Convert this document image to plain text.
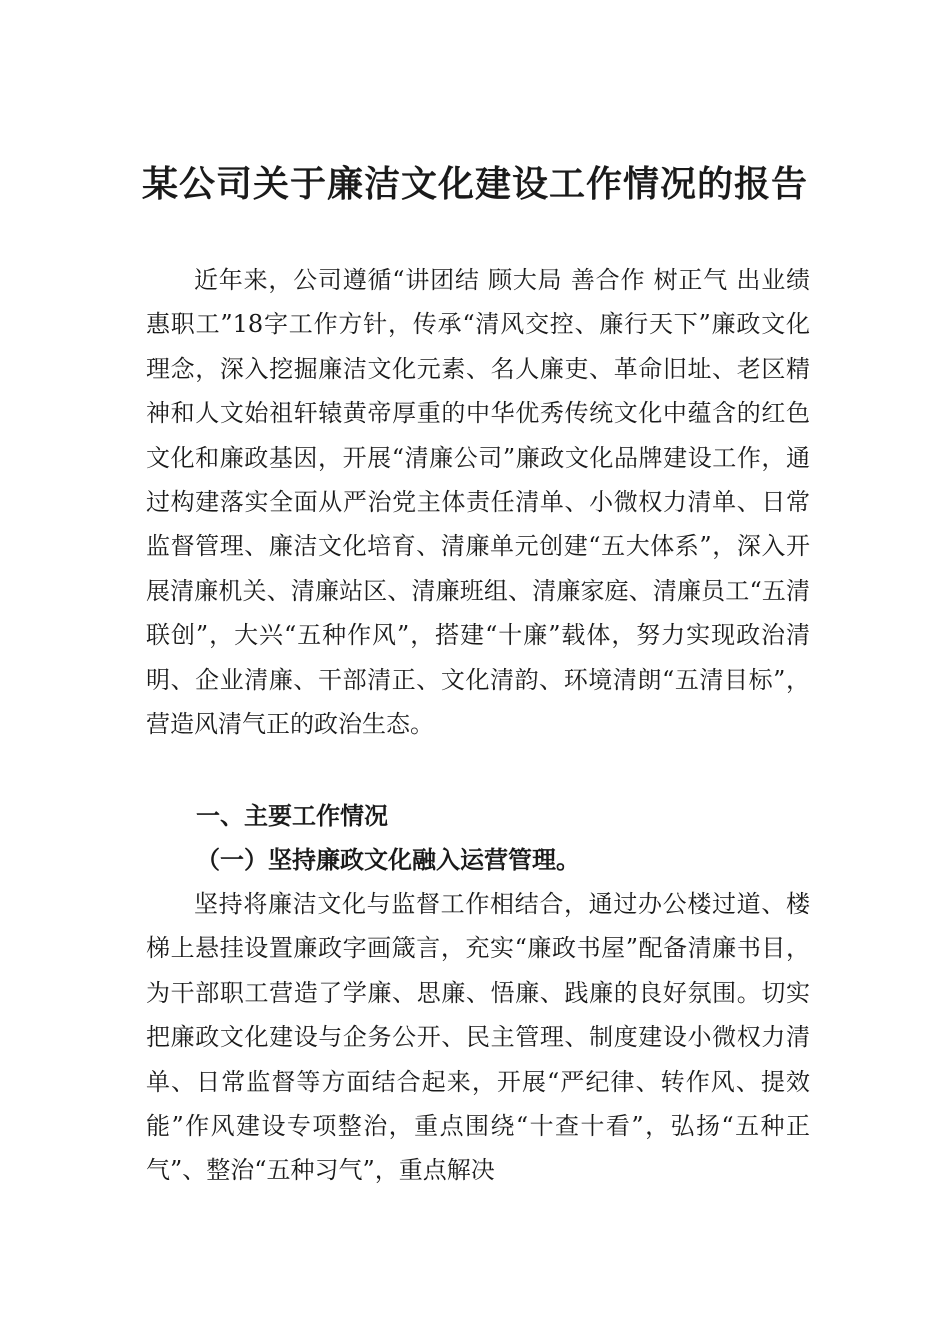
某公司关于廉洁文化建设工作情况的报告

近年来，公司遵循“讲团结 顾大局 善合作 树正气 出业绩 惠职工”18字工作方针，传承“清风交控、廉行天下”廉政文化理念，深入挖掘廉洁文化元素、名人廉吏、革命旧址、老区精神和人文始祖轩辕黄帝厚重的中华优秀传统文化中蕴含的红色文化和廉政基因，开展“清廉公司”廉政文化品牌建设工作，通过构建落实全面从严治党主体责任清单、小微权力清单、日常监督管理、廉洁文化培育、清廉单元创建“五大体系”，深入开展清廉机关、清廉站区、清廉班组、清廉家庭、清廉员工“五清联创”，大兴“五种作风”，搭建“十廉”载体，努力实现政治清明、企业清廉、干部清正、文化清韵、环境清朗“五清目标”，营造风清气正的政治生态。

一、主要工作情况
（一）坚持廉政文化融入运营管理。

坚持将廉洁文化与监督工作相结合，通过办公楼过道、楼梯上悬挂设置廉政字画箴言，充实“廉政书屋”配备清廉书目，为干部职工营造了学廉、思廉、悟廉、践廉的良好氛围。切实把廉政文化建设与企务公开、民主管理、制度建设小微权力清单、日常监督等方面结合起来，开展“严纪律、转作风、提效能”作风建设专项整治，重点围绕“十查十看”，弘扬“五种正气”、整治“五种习气”，重点解决
